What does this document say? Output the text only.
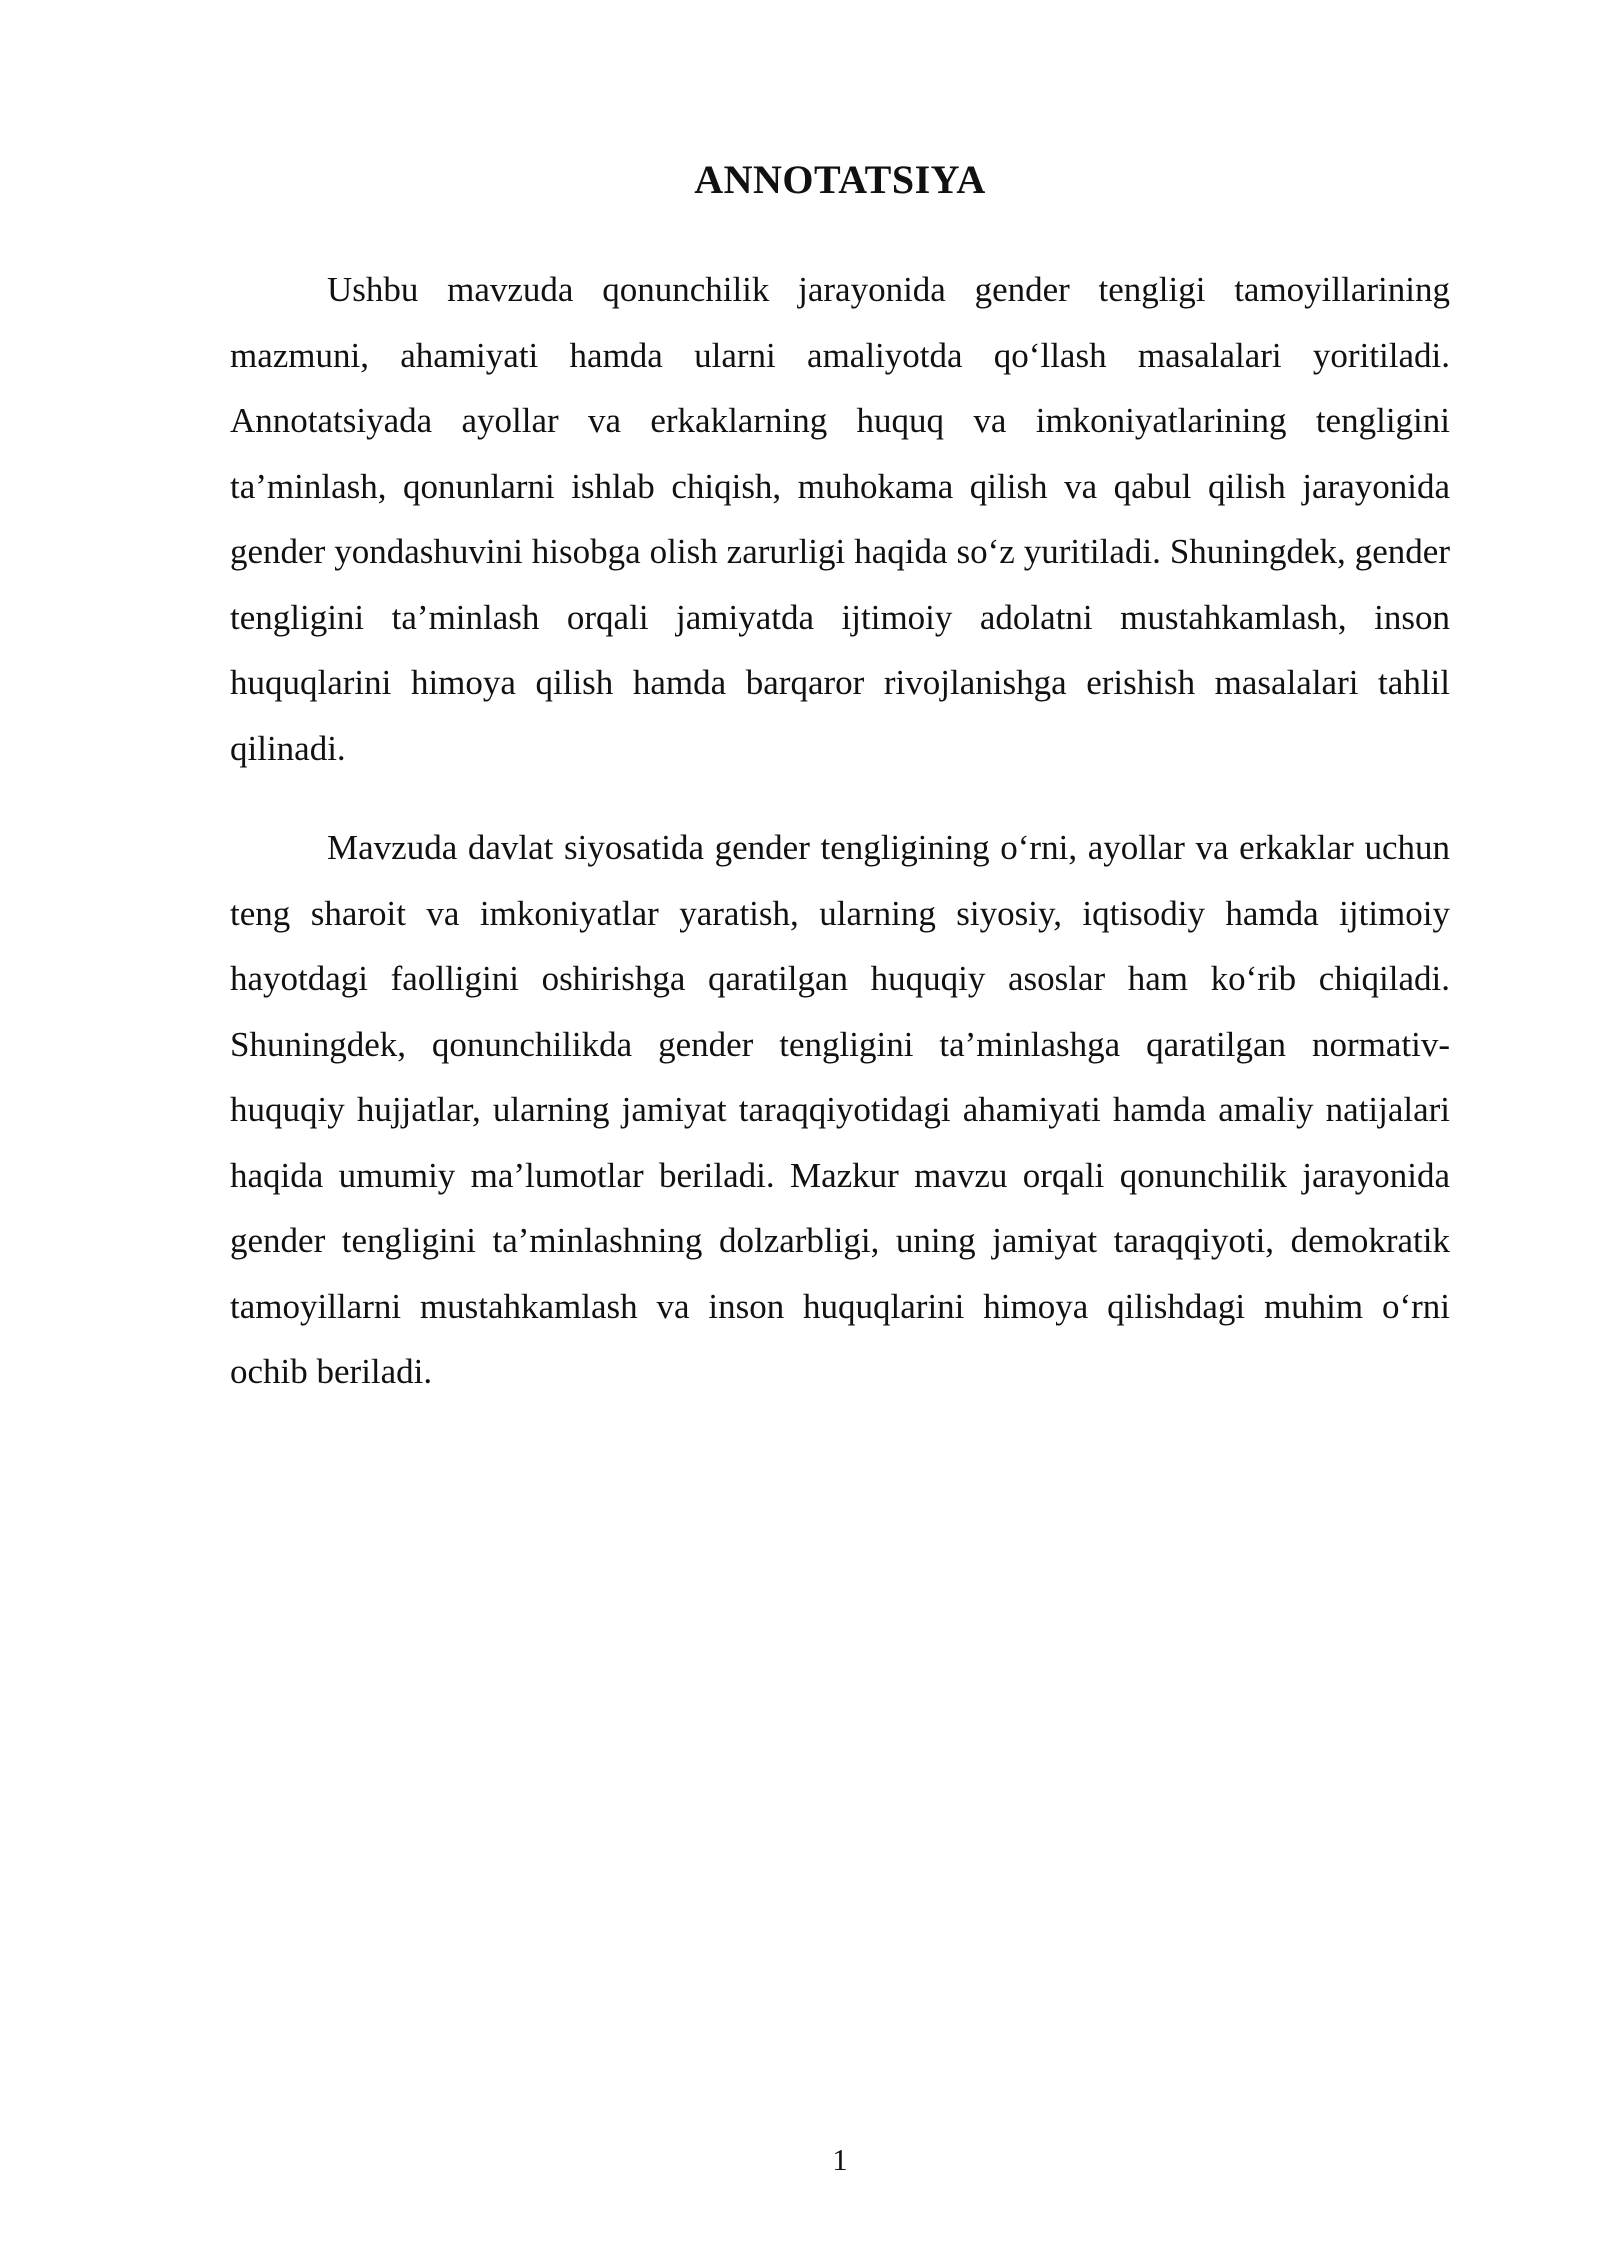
ANNOTATSIYA

Ushbu mavzuda qonunchilik jarayonida gender tengligi tamoyillarining mazmuni, ahamiyati hamda ularni amaliyotda qo‘llash masalalari yoritiladi. Annotatsiyada ayollar va erkaklarning huquq va imkoniyatlarining tengligini ta’minlash, qonunlarni ishlab chiqish, muhokama qilish va qabul qilish jarayonida gender yondashuvini hisobga olish zarurligi haqida so‘z yuritiladi. Shuningdek, gender tengligini ta’minlash orqali jamiyatda ijtimoiy adolatni mustahkamlash, inson huquqlarini himoya qilish hamda barqaror rivojlanishga erishish masalalari tahlil qilinadi.

Mavzuda davlat siyosatida gender tengligining o‘rni, ayollar va erkaklar uchun teng sharoit va imkoniyatlar yaratish, ularning siyosiy, iqtisodiy hamda ijtimoiy hayotdagi faolligini oshirishga qaratilgan huquqiy asoslar ham ko‘rib chiqiladi. Shuningdek, qonunchilikda gender tengligini ta’minlashga qaratilgan normativ-huquqiy hujjatlar, ularning jamiyat taraqqiyotidagi ahamiyati hamda amaliy natijalari haqida umumiy ma’lumotlar beriladi. Mazkur mavzu orqali qonunchilik jarayonida gender tengligini ta’minlashning dolzarbligi, uning jamiyat taraqqiyoti, demokratik tamoyillarni mustahkamlash va inson huquqlarini himoya qilishdagi muhim o‘rni ochib beriladi.

1
